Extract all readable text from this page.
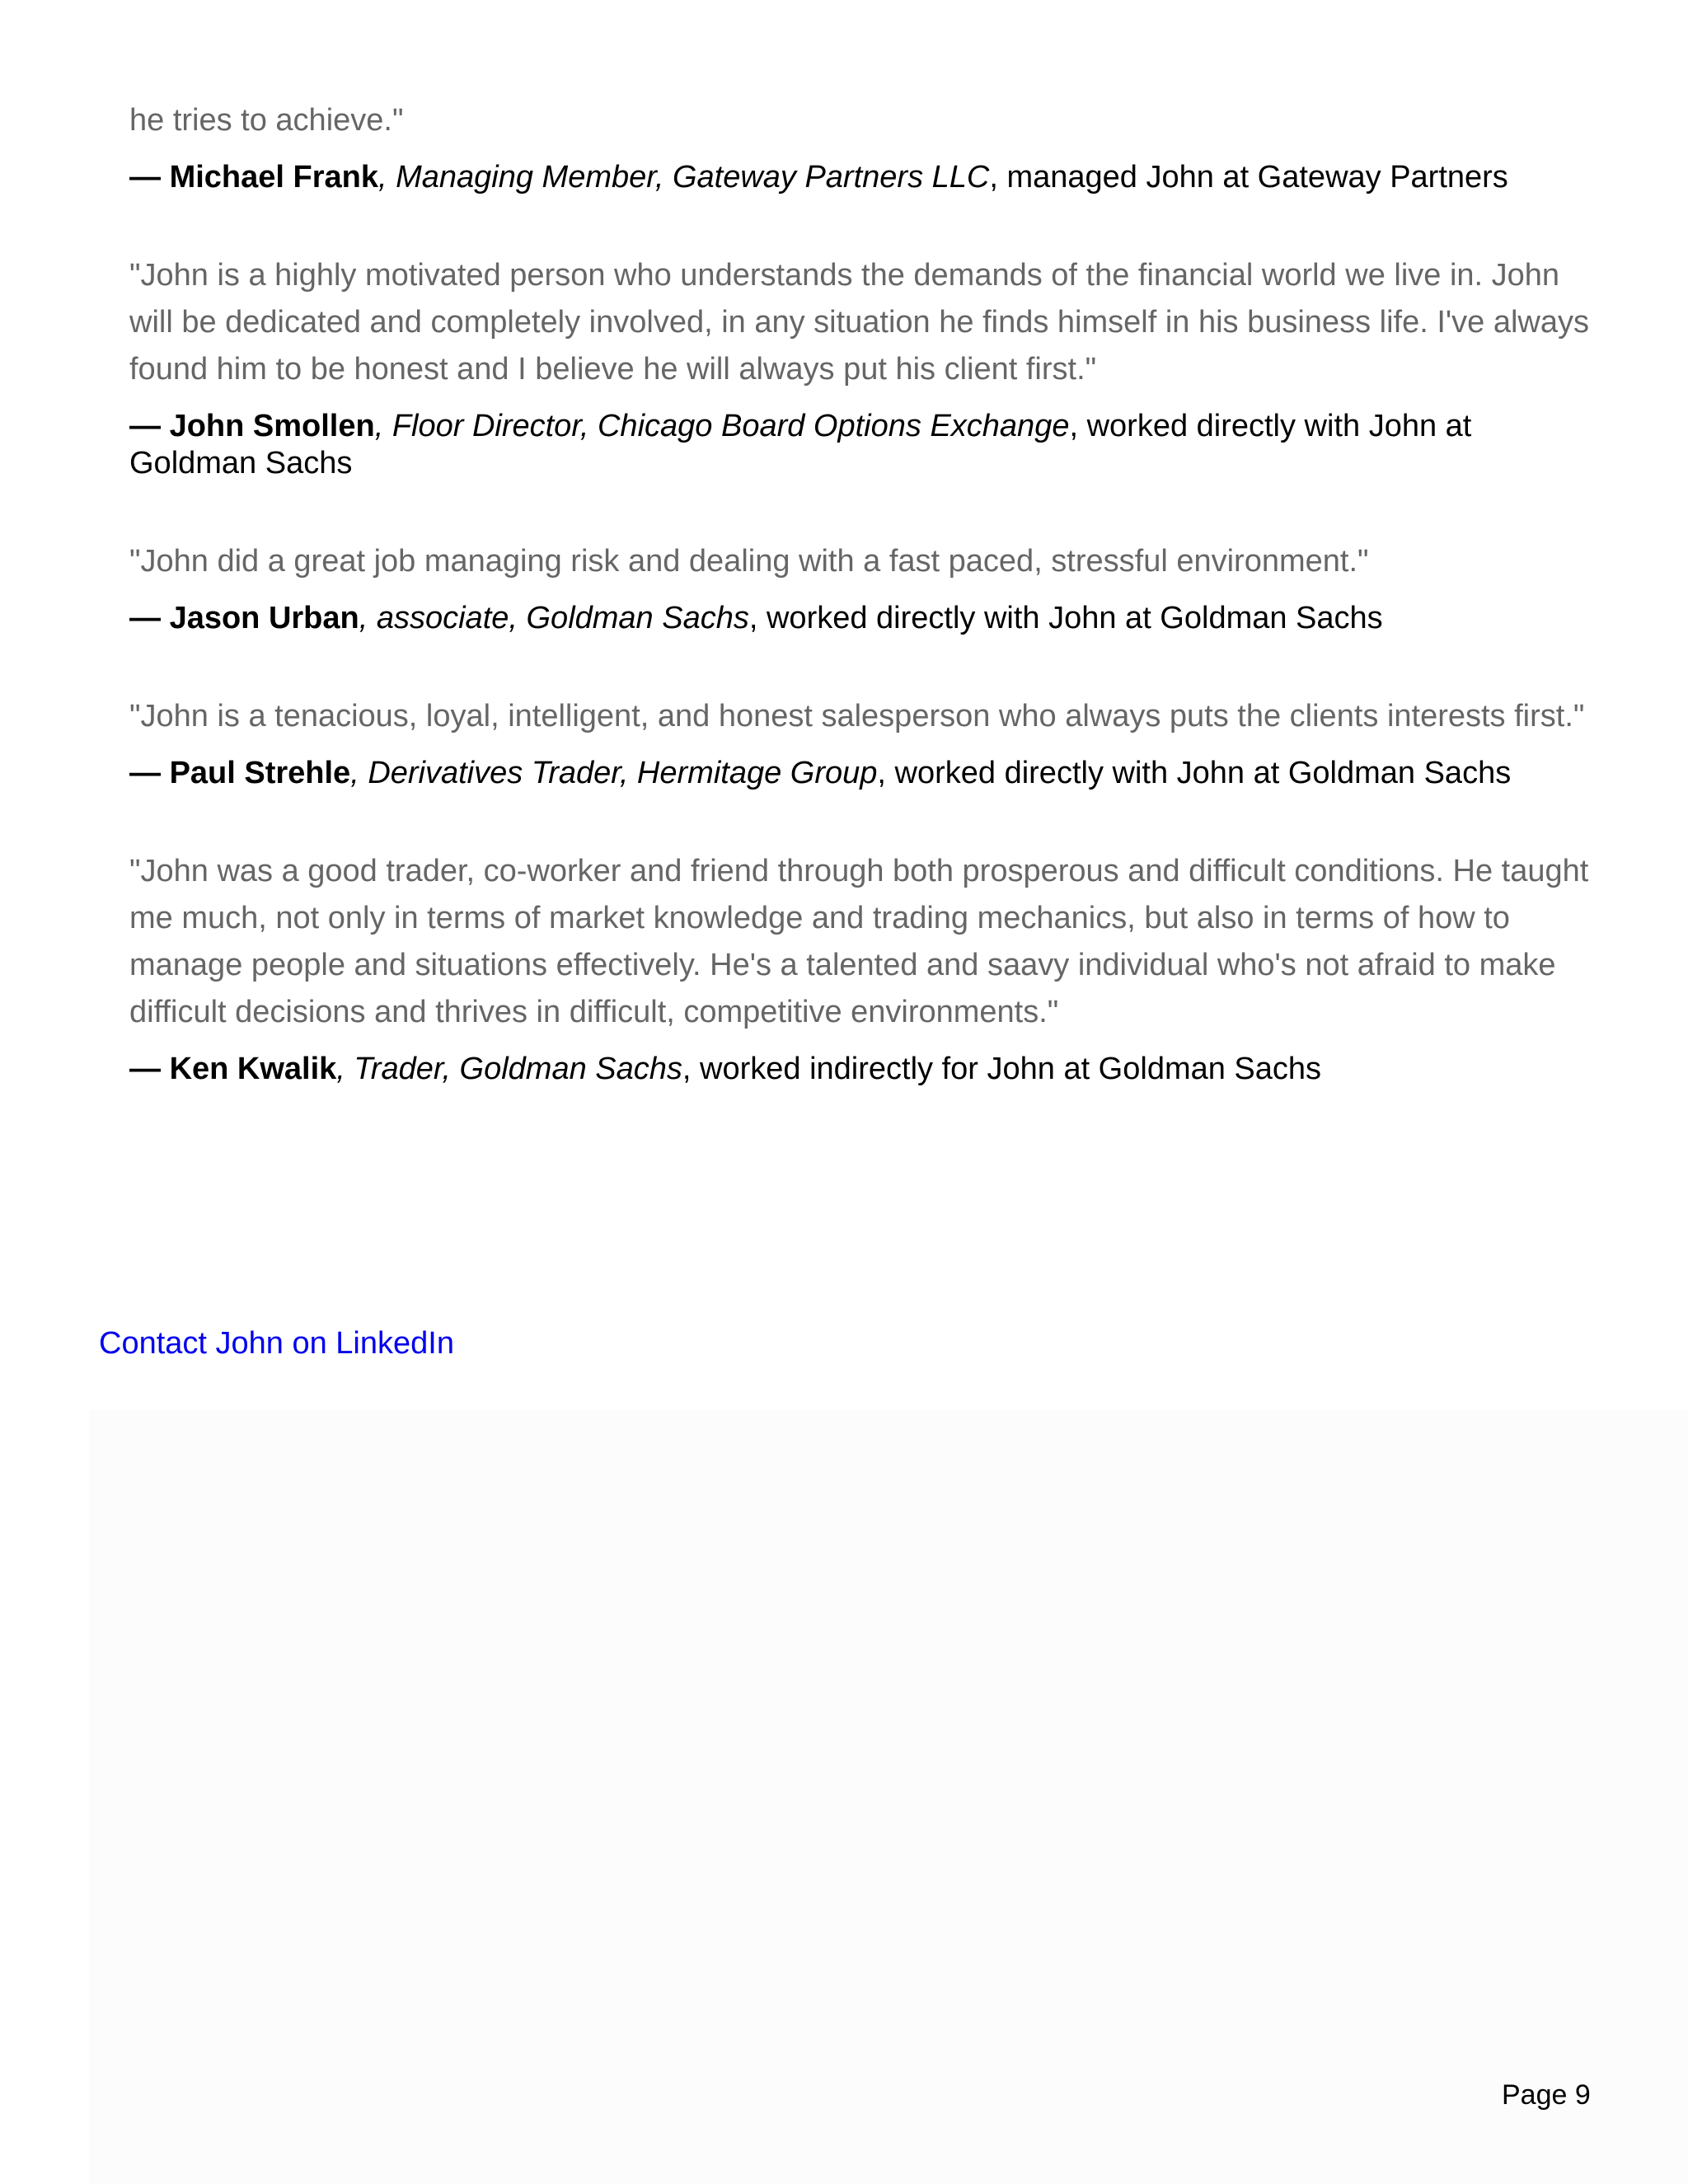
he tries to achieve."

— Michael Frank, Managing Member, Gateway Partners LLC, managed John at Gateway Partners

"John is a highly motivated person who understands the demands of the financial world we live in. John will be dedicated and completely involved, in any situation he finds himself in his business life. I've always found him to be honest and I believe he will always put his client first."

— John Smollen, Floor Director, Chicago Board Options Exchange, worked directly with John at Goldman Sachs

"John did a great job managing risk and dealing with a fast paced, stressful environment."

— Jason Urban, associate, Goldman Sachs, worked directly with John at Goldman Sachs

"John is a tenacious, loyal, intelligent, and honest salesperson who always puts the clients interests first."

— Paul Strehle, Derivatives Trader, Hermitage Group, worked directly with John at Goldman Sachs

"John was a good trader, co-worker and friend through both prosperous and difficult conditions. He taught me much, not only in terms of market knowledge and trading mechanics, but also in terms of how to manage people and situations effectively. He's a talented and saavy individual who's not afraid to make difficult decisions and thrives in difficult, competitive environments."

— Ken Kwalik, Trader, Goldman Sachs, worked indirectly for John at Goldman Sachs

Contact John on LinkedIn
Page 9
